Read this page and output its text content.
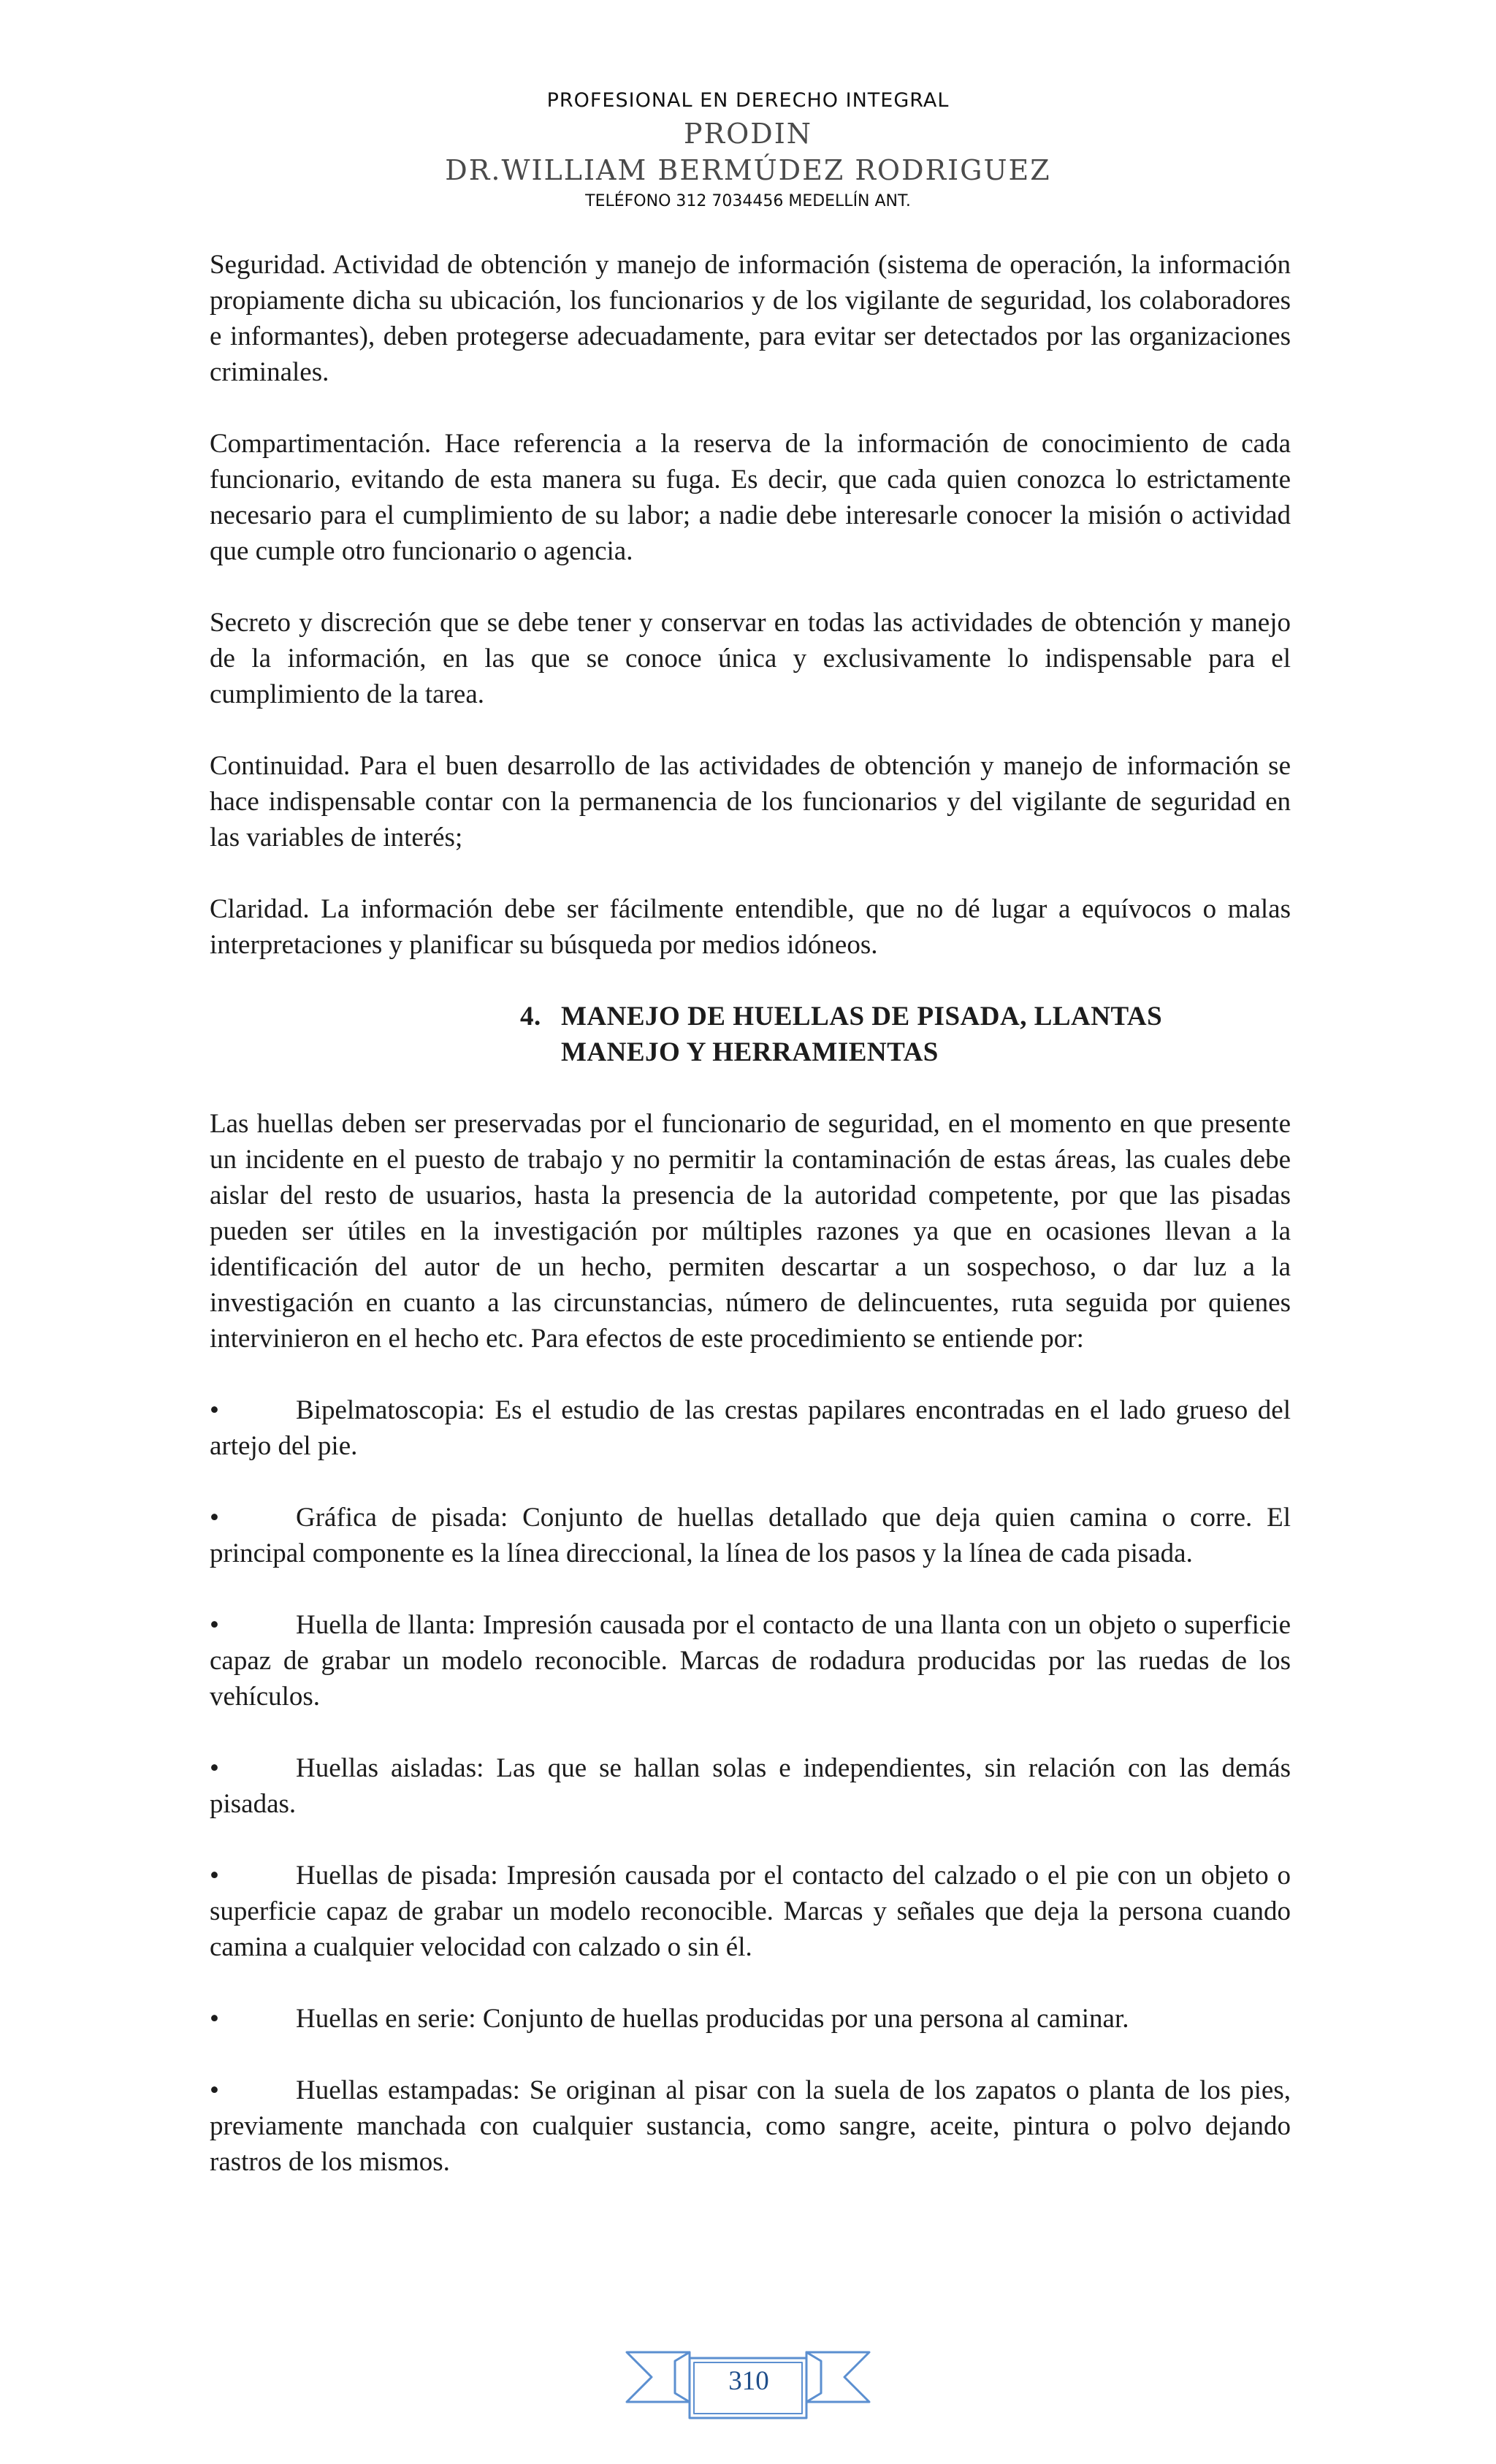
PROFESIONAL EN DERECHO INTEGRAL
PRODIN
DR.WILLIAM BERMÚDEZ RODRIGUEZ
TELÉFONO 312 7034456 MEDELLÍN ANT.

Seguridad. Actividad de obtención y manejo de información (sistema de operación, la información propiamente dicha su ubicación, los funcionarios y de los vigilante de seguridad, los colaboradores e informantes), deben protegerse adecuadamente, para evitar ser detectados por las organizaciones criminales.

Compartimentación. Hace referencia a la reserva de la información de conocimiento de cada funcionario, evitando de esta manera su fuga. Es decir, que cada quien conozca lo estrictamente necesario para el cumplimiento de su labor; a nadie debe interesarle conocer la misión o actividad que cumple otro funcionario o agencia.

Secreto y discreción que se debe tener y conservar en todas las actividades de obtención y manejo de la información, en las que se conoce única y exclusivamente lo indispensable para el cumplimiento de la tarea.

Continuidad. Para el buen desarrollo de las actividades de obtención y manejo de información se hace indispensable contar con la permanencia de los funcionarios y del vigilante de seguridad en las variables de interés;

Claridad. La información debe ser fácilmente entendible, que no dé lugar a equívocos o malas interpretaciones y planificar su búsqueda por medios idóneos.

4. MANEJO DE HUELLAS DE PISADA, LLANTAS
MANEJO Y HERRAMIENTAS

Las huellas deben ser preservadas por el funcionario de seguridad, en el momento en que presente un incidente en el puesto de trabajo y no permitir la contaminación de estas áreas, las cuales debe aislar del resto de usuarios, hasta la presencia de la autoridad competente, por que las pisadas pueden ser útiles en la investigación por múltiples razones ya que en ocasiones llevan a la identificación del autor de un hecho, permiten descartar a un sospechoso, o dar luz a la investigación en cuanto a las circunstancias, número de delincuentes, ruta seguida por quienes intervinieron en el hecho etc. Para efectos de este procedimiento se entiende por:

•	Bipelmatoscopia: Es el estudio de las crestas papilares encontradas en el lado grueso del artejo del pie.
•	Gráfica de pisada: Conjunto de huellas detallado que deja quien camina o corre. El principal componente es la línea direccional, la línea de los pasos y la línea de cada pisada.
•	Huella de llanta: Impresión causada por el contacto de una llanta con un objeto o superficie capaz de grabar un modelo reconocible. Marcas de rodadura producidas por las ruedas de los vehículos.
•	Huellas aisladas: Las que se hallan solas e independientes, sin relación con las demás pisadas.
•	Huellas de pisada: Impresión causada por el contacto del calzado o el pie con un objeto o superficie capaz de grabar un modelo reconocible. Marcas y señales que deja la persona cuando camina a cualquier velocidad con calzado o sin él.
•	Huellas en serie: Conjunto de huellas producidas por una persona al caminar.
•	Huellas estampadas: Se originan al pisar con la suela de los zapatos o planta de los pies, previamente manchada con cualquier sustancia, como sangre, aceite, pintura o polvo dejando rastros de los mismos.
310
